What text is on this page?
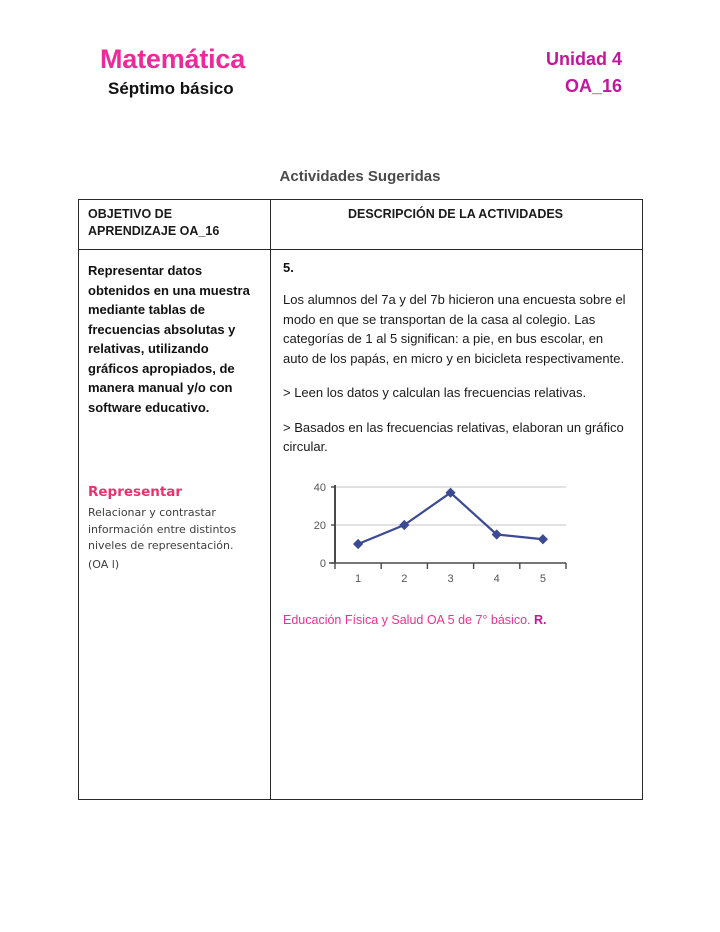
Matemática
Séptimo básico
Unidad 4
OA_16
Actividades Sugeridas
OBJETIVO DE APRENDIZAJE OA_16
DESCRIPCIÓN DE LA ACTIVIDADES
Representar datos obtenidos en una muestra mediante tablas de frecuencias absolutas y relativas, utilizando gráficos apropiados, de manera manual y/o con software educativo.
Representar
Relacionar y contrastar información entre distintos niveles de representación.
(OA l)
5.
Los alumnos del 7a y del 7b hicieron una encuesta sobre el modo en que se transportan de la casa al colegio. Las categorías de 1 al 5 significan: a pie, en bus escolar, en auto de los papás, en micro y en bicicleta respectivamente.
> Leen los datos y calculan las frecuencias relativas.
> Basados en las frecuencias relativas, elaboran un gráfico circular.
0
20
40
1	2	3	4	5
Educación Física y Salud OA 5 de 7° básico. R.
